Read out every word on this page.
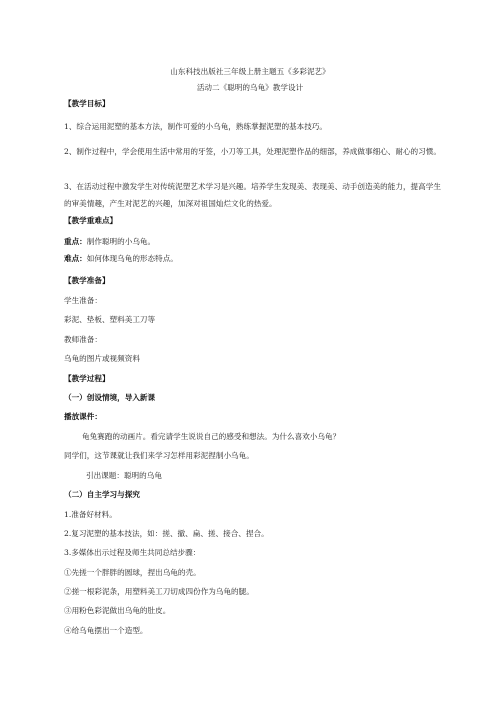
山东科技出版社三年级上册主题五《多彩泥艺》
活动二《聪明的乌龟》教学设计
【教学目标】
1、综合运用泥塑的基本方法，制作可爱的小乌龟，熟练掌握泥塑的基本技巧。
2、制作过程中，学会使用生活中常用的牙签，小刀等工具，处理泥塑作品的细部，养成做事细心、耐心的习惯。
3、在活动过程中激发学生对传统泥塑艺术学习是兴趣。培养学生发现美、表现美、动手创造美的能力，提高学生的审美情趣，产生对泥艺的兴趣，加深对祖国灿烂文化的热爱。
【教学重难点】
重点：制作聪明的小乌龟。
难点：如何体现乌龟的形态特点。
【教学准备】
学生准备：
彩泥、垫板、塑料美工刀等
教师准备：
乌龟的图片或视频资料
【教学过程】
（一）创设情境，导入新课
播放课件：
龟兔赛跑的动画片。看完请学生说说自己的感受和想法。为什么喜欢小乌龟？
同学们，这节课就让我们来学习怎样用彩泥捏制小乌龟。
引出课题：聪明的乌龟
（二）自主学习与探究
1.准备好材料。
2.复习泥塑的基本技法，如：搓、撤、扁、搓、接合、捏合。
3.多媒体出示过程及师生共同总结步骤：
①先搓一个胖胖的圆球，捏出乌龟的壳。
②搓一根彩泥条，用塑料美工刀切成四份作为乌龟的腿。
③用粉色彩泥做出乌龟的肚皮。
④给乌龟摆出一个造型。
